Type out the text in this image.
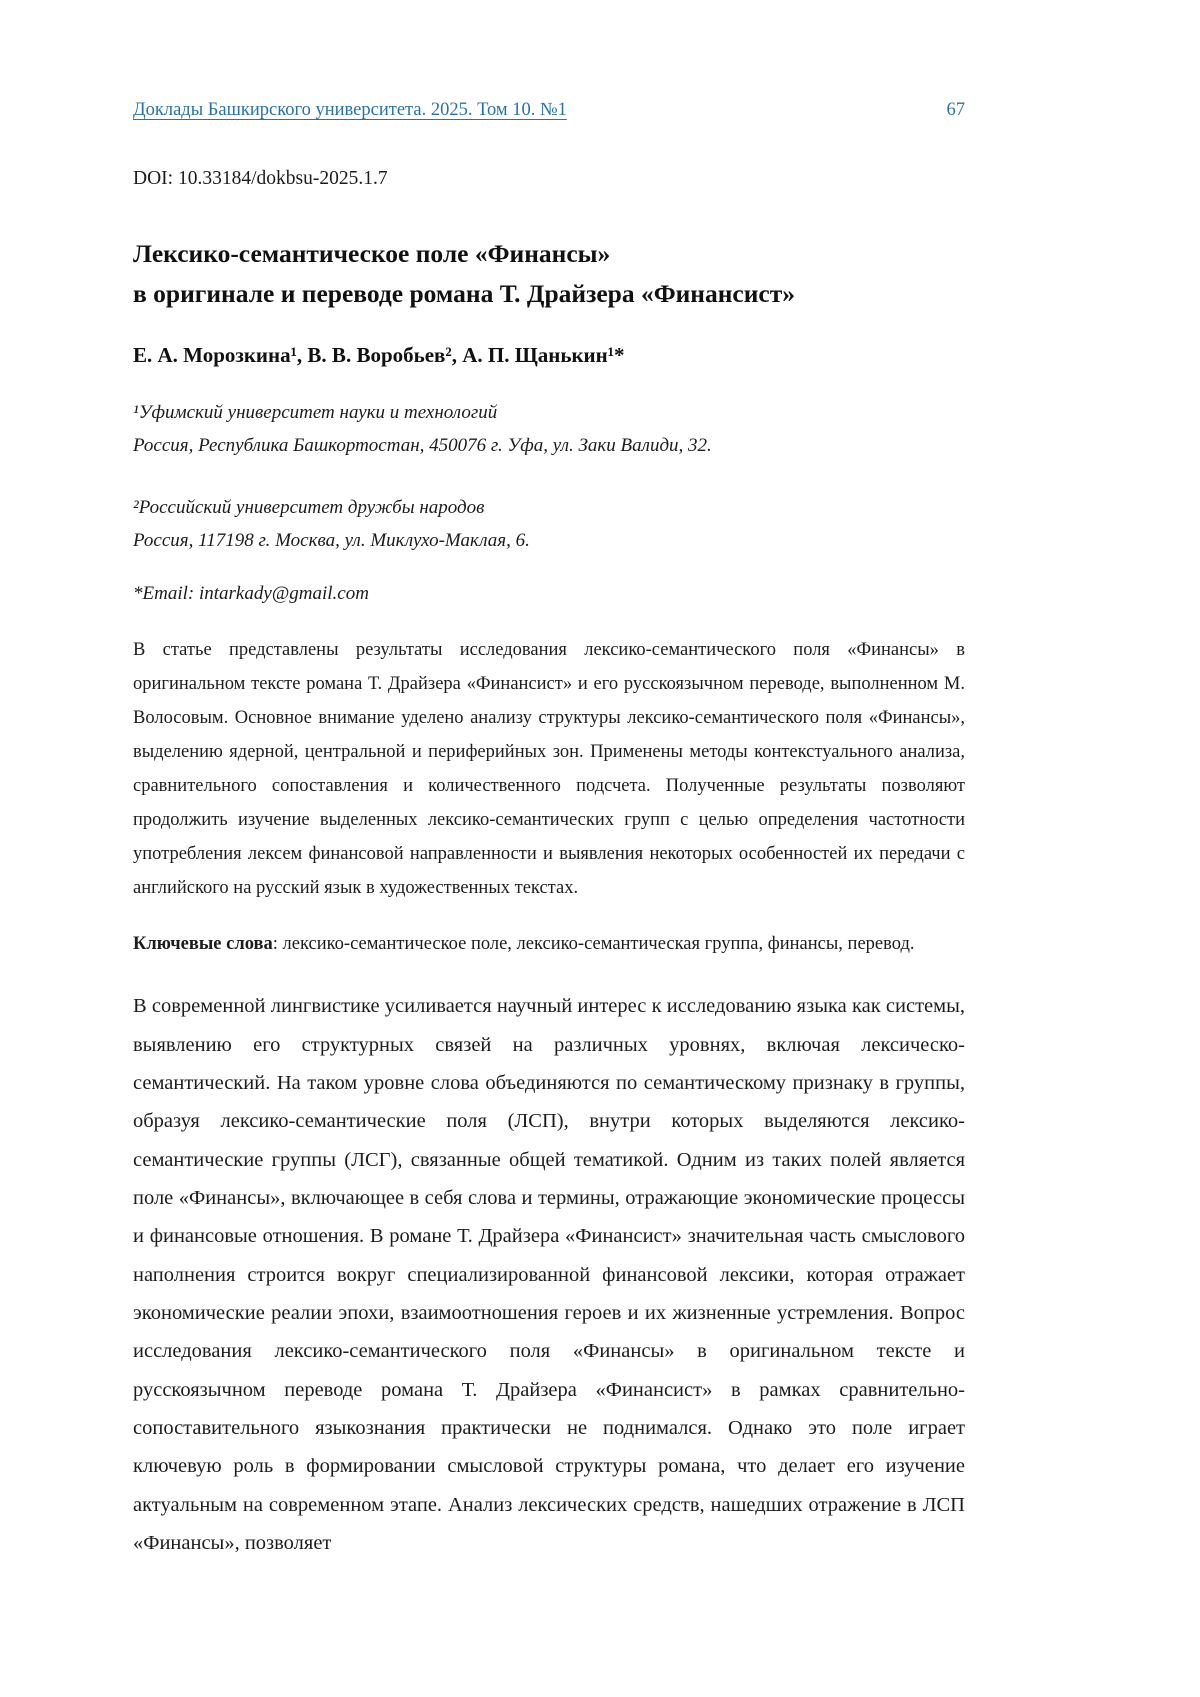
Доклады Башкирского университета. 2025. Том 10. №1	67
DOI: 10.33184/dokbsu-2025.1.7
Лексико-семантическое поле «Финансы»
в оригинале и переводе романа Т. Драйзера «Финансист»
Е. А. Морозкина¹, В. В. Воробьев², А. П. Щанькин¹*
¹Уфимский университет науки и технологий
Россия, Республика Башкортостан, 450076 г. Уфа, ул. Заки Валиди, 32.
²Российский университет дружбы народов
Россия, 117198 г. Москва, ул. Миклухо-Маклая, 6.
*Email: intarkady@gmail.com

В статье представлены результаты исследования лексико-семантического поля «Финансы» в оригинальном тексте романа Т. Драйзера «Финансист» и его русскоязычном переводе, выполненном М. Волосовым. Основное внимание уделено анализу структуры лексико-семантического поля «Финансы», выделению ядерной, центральной и периферийных зон. Применены методы контекстуального анализа, сравнительного сопоставления и количественного подсчета. Полученные результаты позволяют продолжить изучение выделенных лексико-семантических групп с целью определения частотности употребления лексем финансовой направленности и выявления некоторых особенностей их передачи с английского на русский язык в художественных текстах.

Ключевые слова: лексико-семантическое поле, лексико-семантическая группа, финансы, перевод.

В современной лингвистике усиливается научный интерес к исследованию языка как системы, выявлению его структурных связей на различных уровнях, включая лексическо-семантический. На таком уровне слова объединяются по семантическому признаку в группы, образуя лексико-семантические поля (ЛСП), внутри которых выделяются лексико-семантические группы (ЛСГ), связанные общей тематикой. Одним из таких полей является поле «Финансы», включающее в себя слова и термины, отражающие экономические процессы и финансовые отношения. В романе Т. Драйзера «Финансист» значительная часть смыслового наполнения строится вокруг специализированной финансовой лексики, которая отражает экономические реалии эпохи, взаимоотношения героев и их жизненные устремления. Вопрос исследования лексико-семантического поля «Финансы» в оригинальном тексте и русскоязычном переводе романа Т. Драйзера «Финансист» в рамках сравнительно-сопоставительного языкознания практически не поднимался. Однако это поле играет ключевую роль в формировании смысловой структуры романа, что делает его изучение актуальным на современном этапе. Анализ лексических средств, нашедших отражение в ЛСП «Финансы», позволяет
